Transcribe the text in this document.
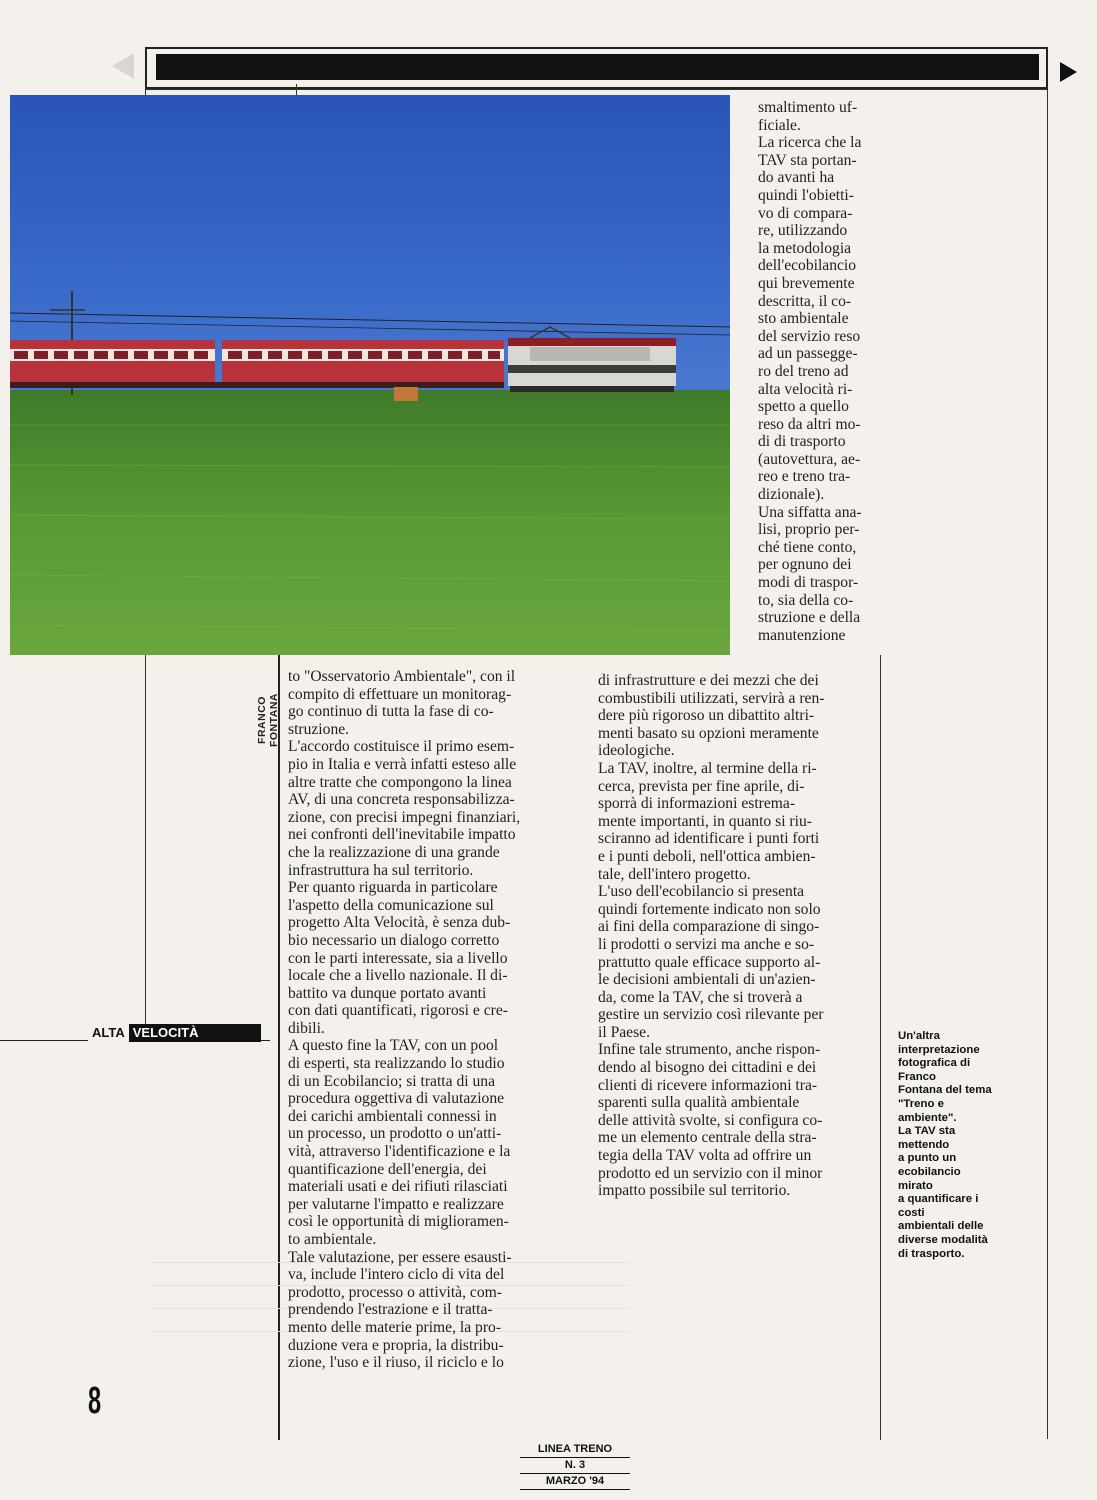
smaltimento uf-
ficiale.
La ricerca che la
TAV sta portan-
do avanti ha
quindi l'obietti-
vo di compara-
re, utilizzando
la metodologia
dell'ecobilancio
qui brevemente
descritta, il co-
sto ambientale
del servizio reso
ad un passegge-
ro del treno ad
alta velocità ri-
spetto a quello
reso da altri mo-
di di trasporto
(autovettura, ae-
reo e treno tra-
dizionale).
Una siffatta ana-
lisi, proprio per-
ché tiene conto,
per ognuno dei
modi di traspor-
to, sia della co-
struzione e della
manutenzione
FRANCO FONTANA
to "Osservatorio Ambientale", con il
compito di effettuare un monitorag-
go continuo di tutta la fase di co-
struzione.
L'accordo costituisce il primo esem-
pio in Italia e verrà infatti esteso alle
altre tratte che compongono la linea
AV, di una concreta responsabilizza-
zione, con precisi impegni finanziari,
nei confronti dell'inevitabile impatto
che la realizzazione di una grande
infrastruttura ha sul territorio.
Per quanto riguarda in particolare
l'aspetto della comunicazione sul
progetto Alta Velocità, è senza dub-
bio necessario un dialogo corretto
con le parti interessate, sia a livello
locale che a livello nazionale. Il di-
battito va dunque portato avanti
con dati quantificati, rigorosi e cre-
dibili.
A questo fine la TAV, con un pool
di esperti, sta realizzando lo studio
di un Ecobilancio; si tratta di una
procedura oggettiva di valutazione
dei carichi ambientali connessi in
un processo, un prodotto o un'atti-
vità, attraverso l'identificazione e la
quantificazione dell'energia, dei
materiali usati e dei rifiuti rilasciati
per valutarne l'impatto e realizzare
così le opportunità di miglioramen-
to ambientale.
Tale valutazione, per essere esausti-
va, include l'intero ciclo di vita del
prodotto, processo o attività, com-
prendendo l'estrazione e il tratta-
mento delle materie prime, la pro-
duzione vera e propria, la distribu-
zione, l'uso e il riuso, il riciclo e lo
di infrastrutture e dei mezzi che dei
combustibili utilizzati, servirà a ren-
dere più rigoroso un dibattito altri-
menti basato su opzioni meramente
ideologiche.
La TAV, inoltre, al termine della ri-
cerca, prevista per fine aprile, di-
sporrà di informazioni estrema-
mente importanti, in quanto si riu-
sciranno ad identificare i punti forti
e i punti deboli, nell'ottica ambien-
tale, dell'intero progetto.
L'uso dell'ecobilancio si presenta
quindi fortemente indicato non solo
ai fini della comparazione di singo-
li prodotti o servizi ma anche e so-
prattutto quale efficace supporto al-
le decisioni ambientali di un'azien-
da, come la TAV, che si troverà a
gestire un servizio così rilevante per
il Paese.
Infine tale strumento, anche rispon-
dendo al bisogno dei cittadini e dei
clienti di ricevere informazioni tra-
sparenti sulla qualità ambientale
delle attività svolte, si configura co-
me un elemento centrale della stra-
tegia della TAV volta ad offrire un
prodotto ed un servizio con il minor
impatto possibile sul territorio.
Un'altra
interpretazione
fotografica di Franco
Fontana del tema
"Treno e ambiente".
La TAV sta mettendo
a punto un
ecobilancio mirato
a quantificare i costi
ambientali delle
diverse modalità
di trasporto.
ALTA VELOCITÀ
8
LINEA TRENO
N. 3
MARZO '94
